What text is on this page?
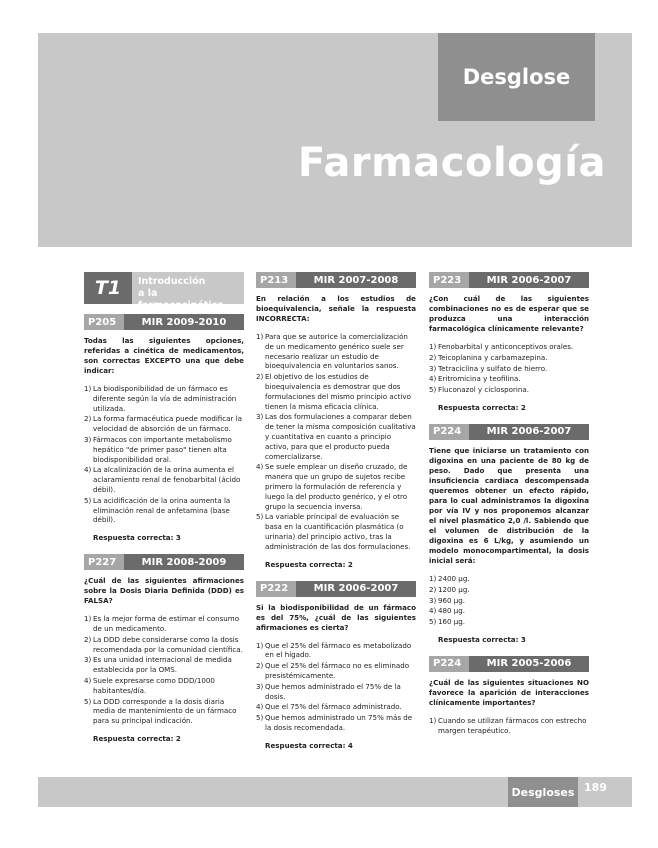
Desglose
Farmacología
T1	Introducción
a la farmacocinética
P205	MIR 2009-2010
Todas las siguientes opciones, referidas a cinética de medicamentos, son correctas EXCEPTO una que debe indicar:
1) La biodisponibilidad de un fármaco es diferente según la vía de administración utilizada.
2) La forma farmacéutica puede modificar la velocidad de absorción de un fármaco.
3) Fármacos con importante metabolismo hepático "de primer paso" tienen alta biodisponibilidad oral.
4) La alcalinización de la orina aumenta el aclaramiento renal de fenobarbital (ácido débil).
5) La acidificación de la orina aumenta la eliminación renal de anfetamina (base débil).
Respuesta correcta: 3
P227	MIR 2008-2009
¿Cuál de las siguientes afirmaciones sobre la Dosis Diaria Definida (DDD) es FALSA?
1) Es la mejor forma de estimar el consumo de un medicamento.
2) La DDD debe considerarse como la dosis recomendada por la comunidad científica.
3) Es una unidad internacional de medida establecida por la OMS.
4) Suele expresarse como DDD/1000 habitantes/día.
5) La DDD corresponde a la dosis diaria media de mantenimiento de un fármaco para su principal indicación.
Respuesta correcta: 2
P213	MIR 2007-2008
En relación a los estudios de bioequivalencia, señale la respuesta INCORRECTA:
1) Para que se autorice la comercialización de un medicamento genérico suele ser necesario realizar un estudio de bioequivalencia en voluntarios sanos.
2) El objetivo de los estudios de bioequivalencia es demostrar que dos formulaciones del mismo principio activo tienen la misma eficacia clínica.
3) Las dos formulaciones a comparar deben de tener la misma composición cualitativa y cuantitativa en cuanto a principio activo, para que el producto pueda comercializarse.
4) Se suele emplear un diseño cruzado, de manera que un grupo de sujetos recibe primero la formulación de referencia y luego la del producto genérico, y el otro grupo la secuencia inversa.
5) La variable principal de evaluación se basa en la cuantificación plasmática (o urinaria) del principio activo, tras la administración de las dos formulaciones.
Respuesta correcta: 2
P222	MIR 2006-2007
Si la biodisponibilidad de un fármaco es del 75%, ¿cuál de las siguientes afirmaciones es cierta?
1) Que el 25% del fármaco es metabolizado en el hígado.
2) Que el 25% del fármaco no es eliminado presistémicamente.
3) Que hemos administrado el 75% de la dosis.
4) Que el 75% del fármaco administrado.
5) Que hemos administrado un 75% más de la dosis recomendada.
Respuesta correcta: 4
P223	MIR 2006-2007
¿Con cuál de las siguientes combinaciones no es de esperar que se produzca una interacción farmacológica clínicamente relevante?
1) Fenobarbital y anticonceptivos orales.
2) Teicoplanina y carbamazepina.
3) Tetraciclina y sulfato de hierro.
4) Eritromicina y teofilina.
5) Fluconazol y ciclosporina.
Respuesta correcta: 2
P224	MIR 2006-2007
Tiene que iniciarse un tratamiento con digoxina en una paciente de 80 kg de peso. Dado que presenta una insuficiencia cardiaca descompensada queremos obtener un efecto rápido, para lo cual administramos la digoxina por vía IV y nos proponemos alcanzar el nivel plasmático 2,0 /l. Sabiendo que el volumen de distribución de la digoxina es 6 L/kg, y asumiendo un modelo monocompartimental, la dosis inicial será:
1) 2400 μg.
2) 1200 μg.
3) 960 μg.
4) 480 μg.
5) 160 μg.
Respuesta correcta: 3
P224	MIR 2005-2006
¿Cuál de las siguientes situaciones NO favorece la aparición de interacciones clínicamente importantes?
1) Cuando se utilizan fármacos con estrecho margen terapéutico.
Desgloses 189
